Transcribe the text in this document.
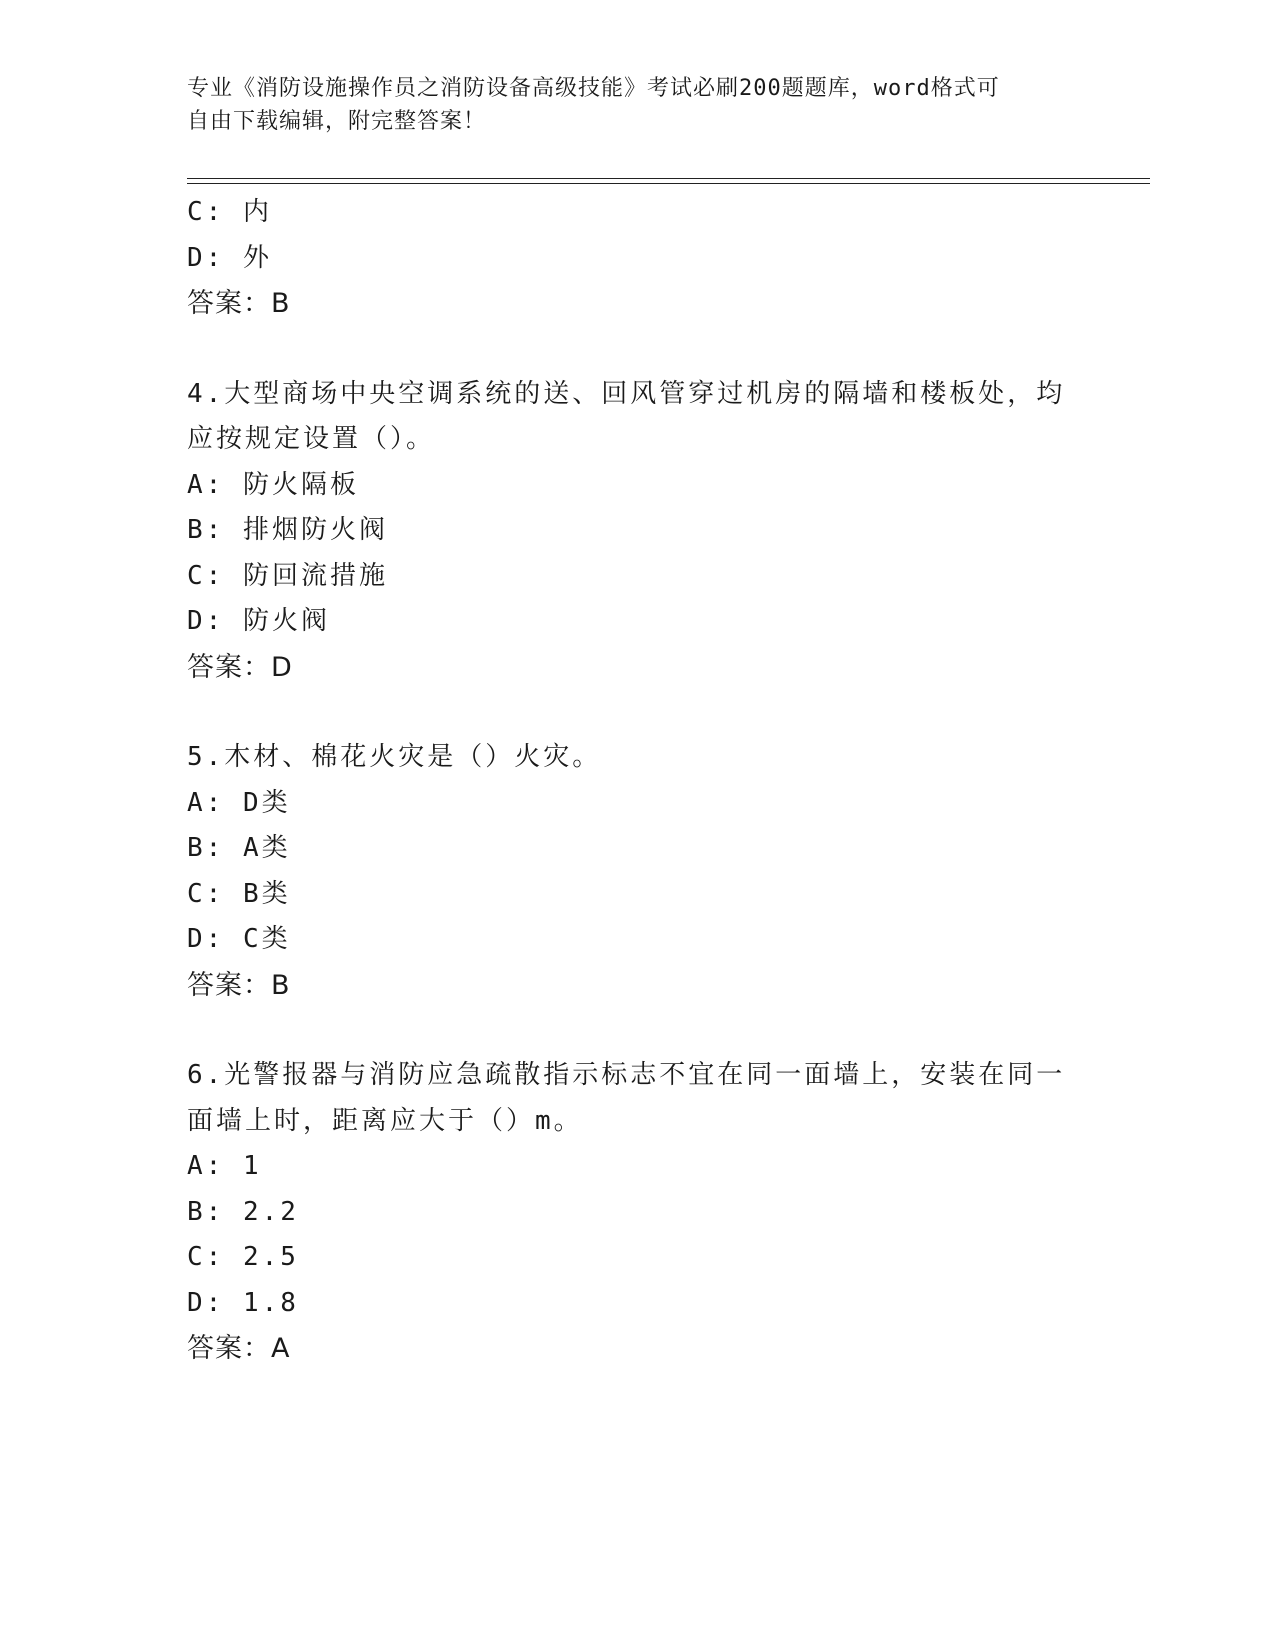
专业《消防设施操作员之消防设备高级技能》考试必刷200题题库，word格式可
自由下载编辑，附完整答案！
C: 内
D: 外
答案：B
4.大型商场中央空调系统的送、回风管穿过机房的隔墙和楼板处，均
应按规定设置（）。
A: 防火隔板
B: 排烟防火阀
C: 防回流措施
D: 防火阀
答案：D
5.木材、棉花火灾是（）火灾。
A: D类
B: A类
C: B类
D: C类
答案：B
6.光警报器与消防应急疏散指示标志不宜在同一面墙上，安装在同一
面墙上时，距离应大于（）m。
A: 1
B: 2.2
C: 2.5
D: 1.8
答案：A
